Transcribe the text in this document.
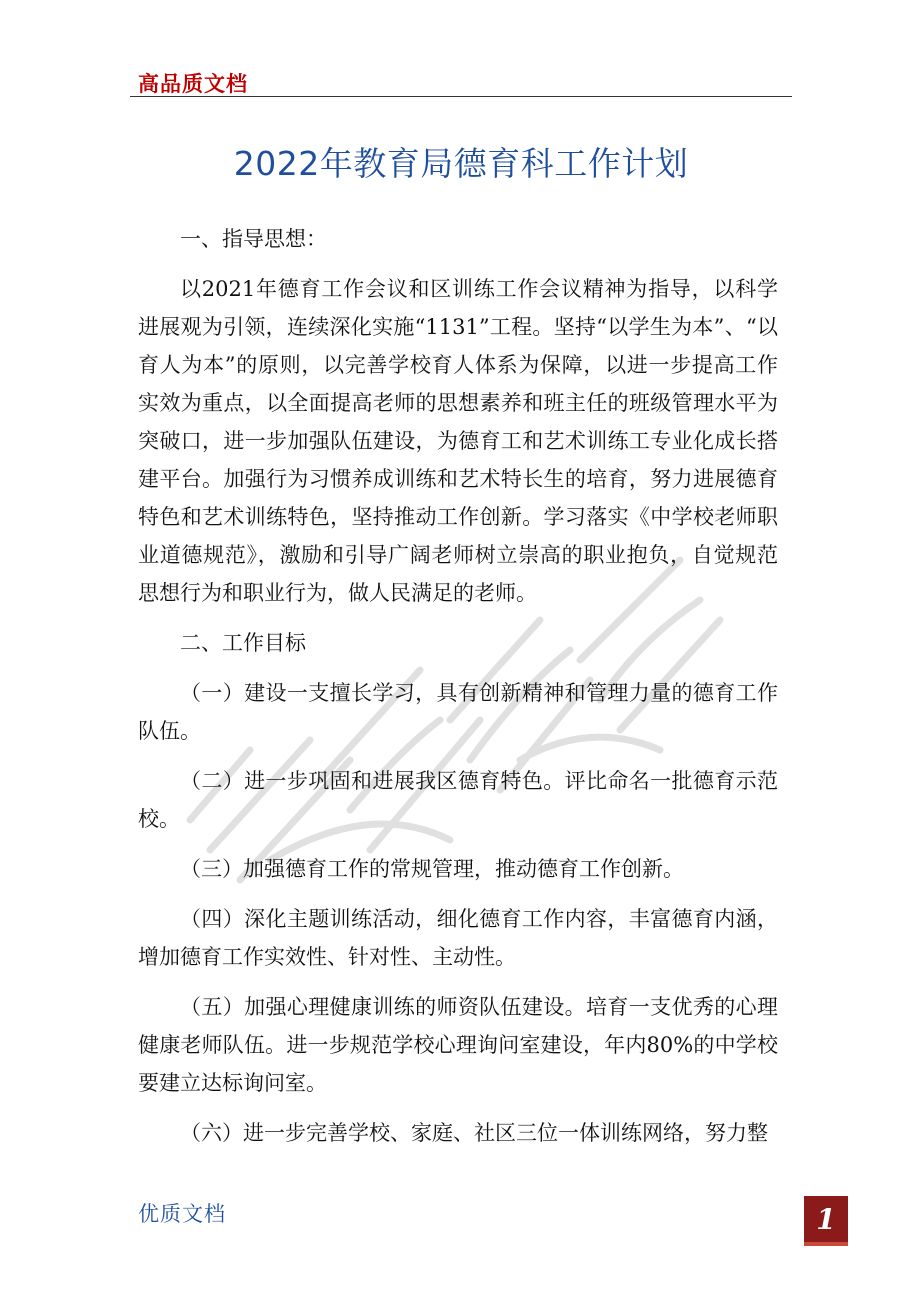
高品质文档
2022年教育局德育科工作计划

一、指导思想：

以2021年德育工作会议和区训练工作会议精神为指导，以科学进展观为引领，连续深化实施“1131”工程。坚持“以学生为本”、“以育人为本”的原则，以完善学校育人体系为保障，以进一步提高工作实效为重点，以全面提高老师的思想素养和班主任的班级管理水平为突破口，进一步加强队伍建设，为德育工和艺术训练工专业化成长搭建平台。加强行为习惯养成训练和艺术特长生的培育，努力进展德育特色和艺术训练特色，坚持推动工作创新。学习落实《中学校老师职业道德规范》，激励和引导广阔老师树立崇高的职业抱负，自觉规范思想行为和职业行为，做人民满足的老师。

二、工作目标

（一）建设一支擅长学习，具有创新精神和管理力量的德育工作队伍。

（二）进一步巩固和进展我区德育特色。评比命名一批德育示范校。

（三）加强德育工作的常规管理，推动德育工作创新。

（四）深化主题训练活动，细化德育工作内容，丰富德育内涵，增加德育工作实效性、针对性、主动性。

（五）加强心理健康训练的师资队伍建设。培育一支优秀的心理健康老师队伍。进一步规范学校心理询问室建设，年内80%的中学校要建立达标询问室。

（六）进一步完善学校、家庭、社区三位一体训练网络，努力整

优质文档	1
